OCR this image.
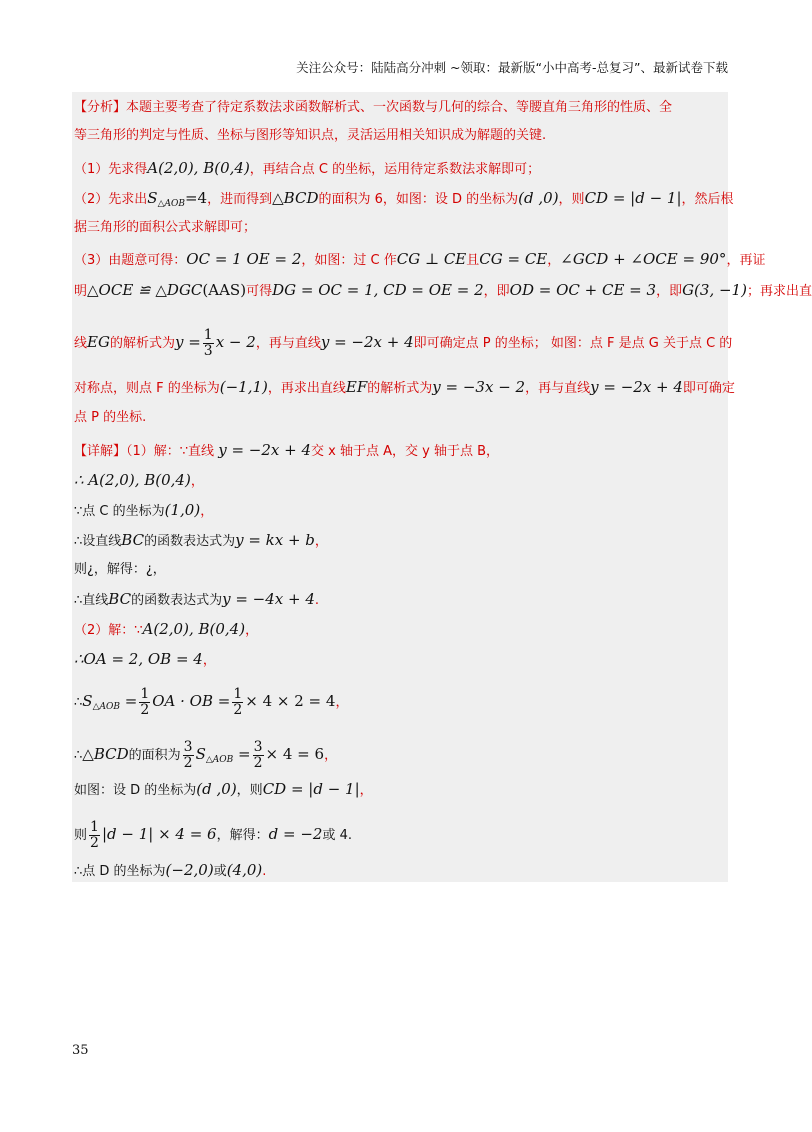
关注公众号：陆陆高分冲刺 ~领取：最新版“小中高考-总复习”、最新试卷下载
【分析】本题主要考查了待定系数法求函数解析式、一次函数与几何的综合、等腰直角三角形的性质、全
等三角形的判定与性质、坐标与图形等知识点，灵活运用相关知识成为解题的关键.
（1）先求得A(2,0), B(0,4)，再结合点 C 的坐标，运用待定系数法求解即可；
（2）先求出$S_{\triangle AOB}=4$，进而得到△BCD的面积为 6，如图：设 D 的坐标为(d ,0)，则CD = |d − 1|，然后根
据三角形的面积公式求解即可；
（3）由题意可得：OC = 1 OE = 2，如图：过 C 作CG ⊥ CE且CG = CE，∠GCD + ∠OCE = 90°，再证
明△OCE ≌ △DGC(AAS)可得DG = OC = 1, CD = OE = 2，即OD = OC + CE = 3，即G(3, −1)；再求出直
线EG的解析式为$y = \frac{1}{3}$ x − 2，再与直线y = −2x + 4即可确定点 P 的坐标； 如图：点 F 是点 G 关于点 C 的
对称点，则点 F 的坐标为(−1,1)，再求出直线EF的解析式为y = −3x − 2，再与直线y = −2x + 4即可确定
点 P 的坐标.
【详解】（1）解：∵直线 y = −2x + 4交 x 轴于点 A，交 y 轴于点 B，
∴ A(2,0), B(0,4)，
∵点 C 的坐标为(1,0)，
∴设直线BC的函数表达式为y = kx + b，
则¿，解得：¿，
∴直线BC的函数表达式为y = −4x + 4.
（2）解：∵A(2,0), B(0,4)，
∴OA = 2, OB = 4，
$\therefore S_{\triangle AOB} = \frac{1}{2}$ OA · OB = $\frac{1}{2} \times 4 \times 2 = 4$，
∴△BCD的面积为 $\frac{3}{2} S_{\triangle AOB} = \frac{3}{2} \times 4 = 6$，
如图：设 D 的坐标为(d ,0)，则CD = |d − 1|，
则 $\frac{1}{2} |d - 1| \times 4 = 6$，解得：d = −2或 4.
∴点 D 的坐标为(−2,0)或(4,0).
35
